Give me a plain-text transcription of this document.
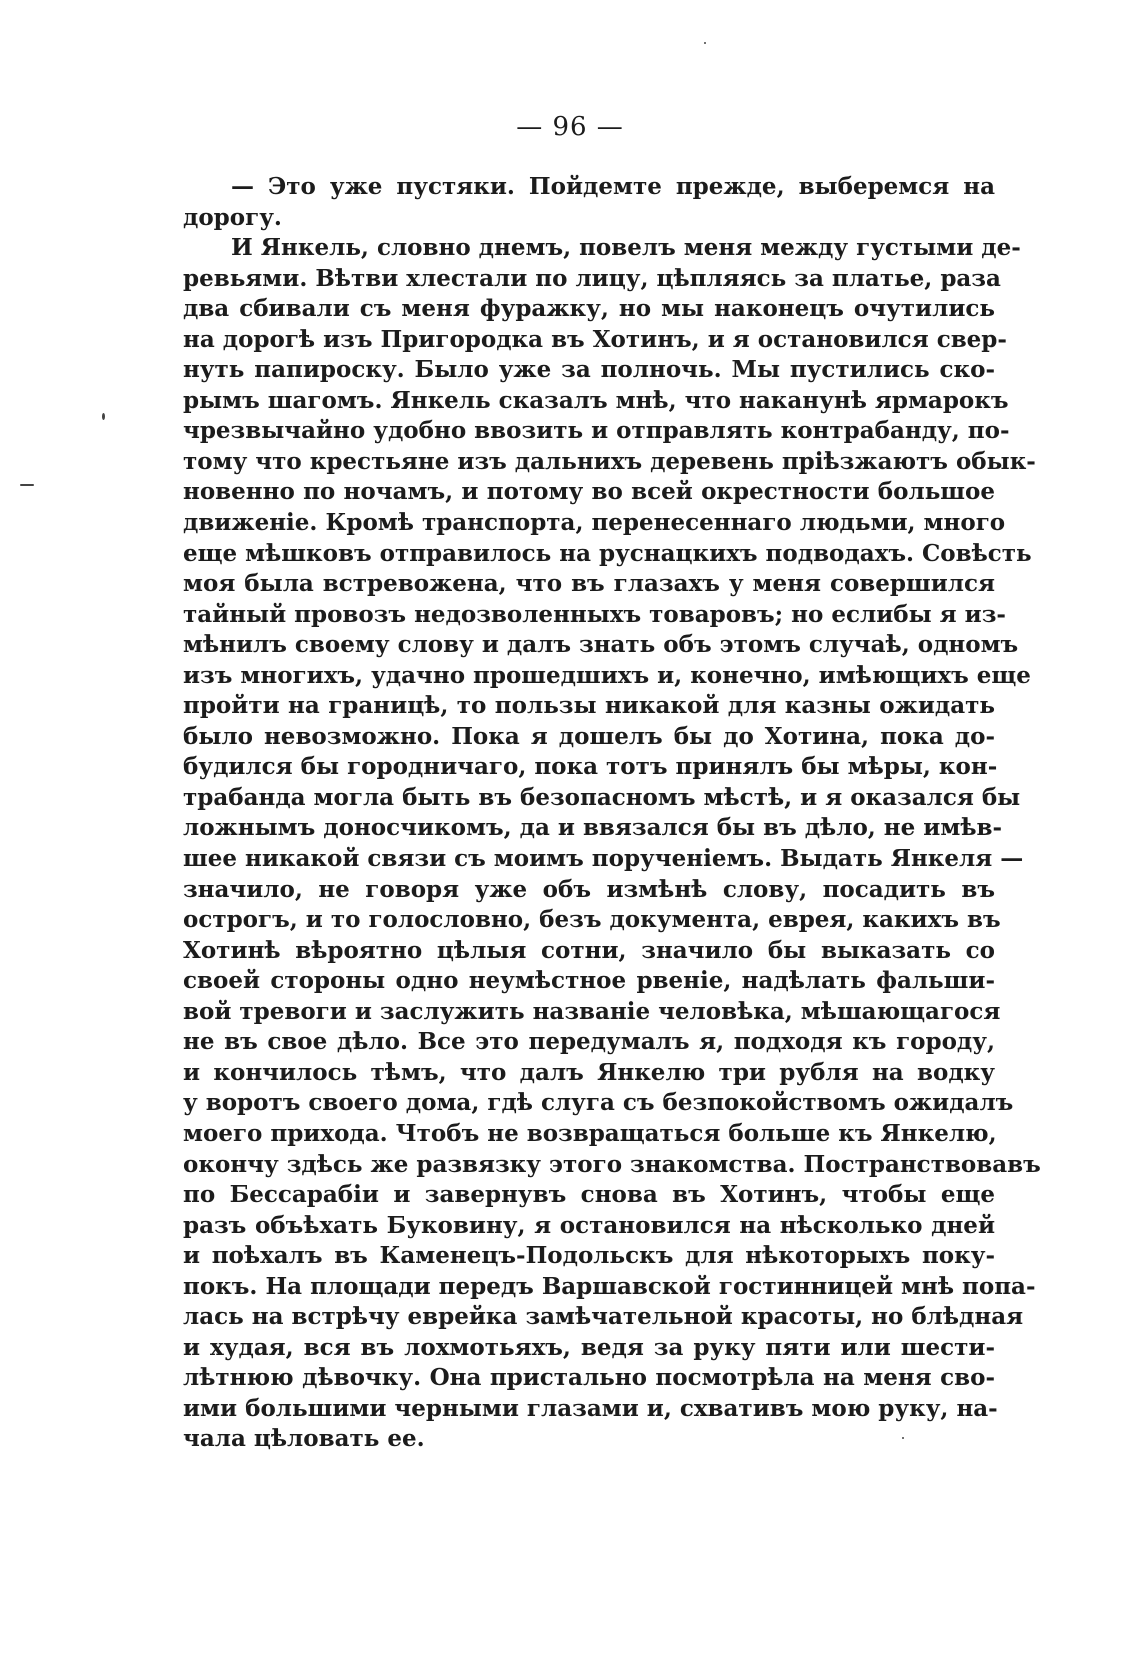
— 96 —
— Это уже пустяки. Пойдемте прежде, выберемся на
дорогу.
И Янкель, словно днемъ, повелъ меня между густыми де-
ревьями. Вѣтви хлестали по лицу, цѣпляясь за платье, раза
два сбивали съ меня фуражку, но мы наконецъ очутились
на дорогѣ изъ Пригородка въ Хотинъ, и я остановился свер-
нуть папироску. Было уже за полночь. Мы пустились ско-
рымъ шагомъ. Янкель сказалъ мнѣ, что наканунѣ ярмарокъ
чрезвычайно удобно ввозить и отправлять контрабанду, по-
тому что крестьяне изъ дальнихъ деревень пріѣзжаютъ обык-
новенно по ночамъ, и потому во всей окрестности большое
движеніе. Кромѣ транспорта, перенесеннаго людьми, много
еще мѣшковъ отправилось на руснацкихъ подводахъ. Совѣсть
моя была встревожена, что въ глазахъ у меня совершился
тайный провозъ недозволенныхъ товаровъ; но еслибы я из-
мѣнилъ своему слову и далъ знать объ этомъ случаѣ, одномъ
изъ многихъ, удачно прошедшихъ и, конечно, имѣющихъ еще
пройти на границѣ, то пользы никакой для казны ожидать
было невозможно. Пока я дошелъ бы до Хотина, пока до-
будился бы городничаго, пока тотъ принялъ бы мѣры, кон-
трабанда могла быть въ безопасномъ мѣстѣ, и я оказался бы
ложнымъ доносчикомъ, да и ввязался бы въ дѣло, не имѣв-
шее никакой связи съ моимъ порученіемъ. Выдать Янкеля —
значило, не говоря уже объ измѣнѣ слову, посадить въ
острогъ, и то голословно, безъ документа, еврея, какихъ въ
Хотинѣ вѣроятно цѣлыя сотни, значило бы выказать со
своей стороны одно неумѣстное рвеніе, надѣлать фальши-
вой тревоги и заслужить названіе человѣка, мѣшающагося
не въ свое дѣло. Все это передумалъ я, подходя къ городу,
и кончилось тѣмъ, что далъ Янкелю три рубля на водку
у воротъ своего дома, гдѣ слуга съ безпокойствомъ ожидалъ
моего прихода. Чтобъ не возвращаться больше къ Янкелю,
окончу здѣсь же развязку этого знакомства. Постранствовавъ
по Бессарабіи и завернувъ снова въ Хотинъ, чтобы еще
разъ объѣхать Буковину, я остановился на нѣсколько дней
и поѣхалъ въ Каменецъ-Подольскъ для нѣкоторыхъ поку-
покъ. На площади передъ Варшавской гостинницей мнѣ попа-
лась на встрѣчу еврейка замѣчательной красоты, но блѣдная
и худая, вся въ лохмотьяхъ, ведя за руку пяти или шести-
лѣтнюю дѣвочку. Она пристально посмотрѣла на меня сво-
ими большими черными глазами и, схвативъ мою руку, на-
чала цѣловать ее.
